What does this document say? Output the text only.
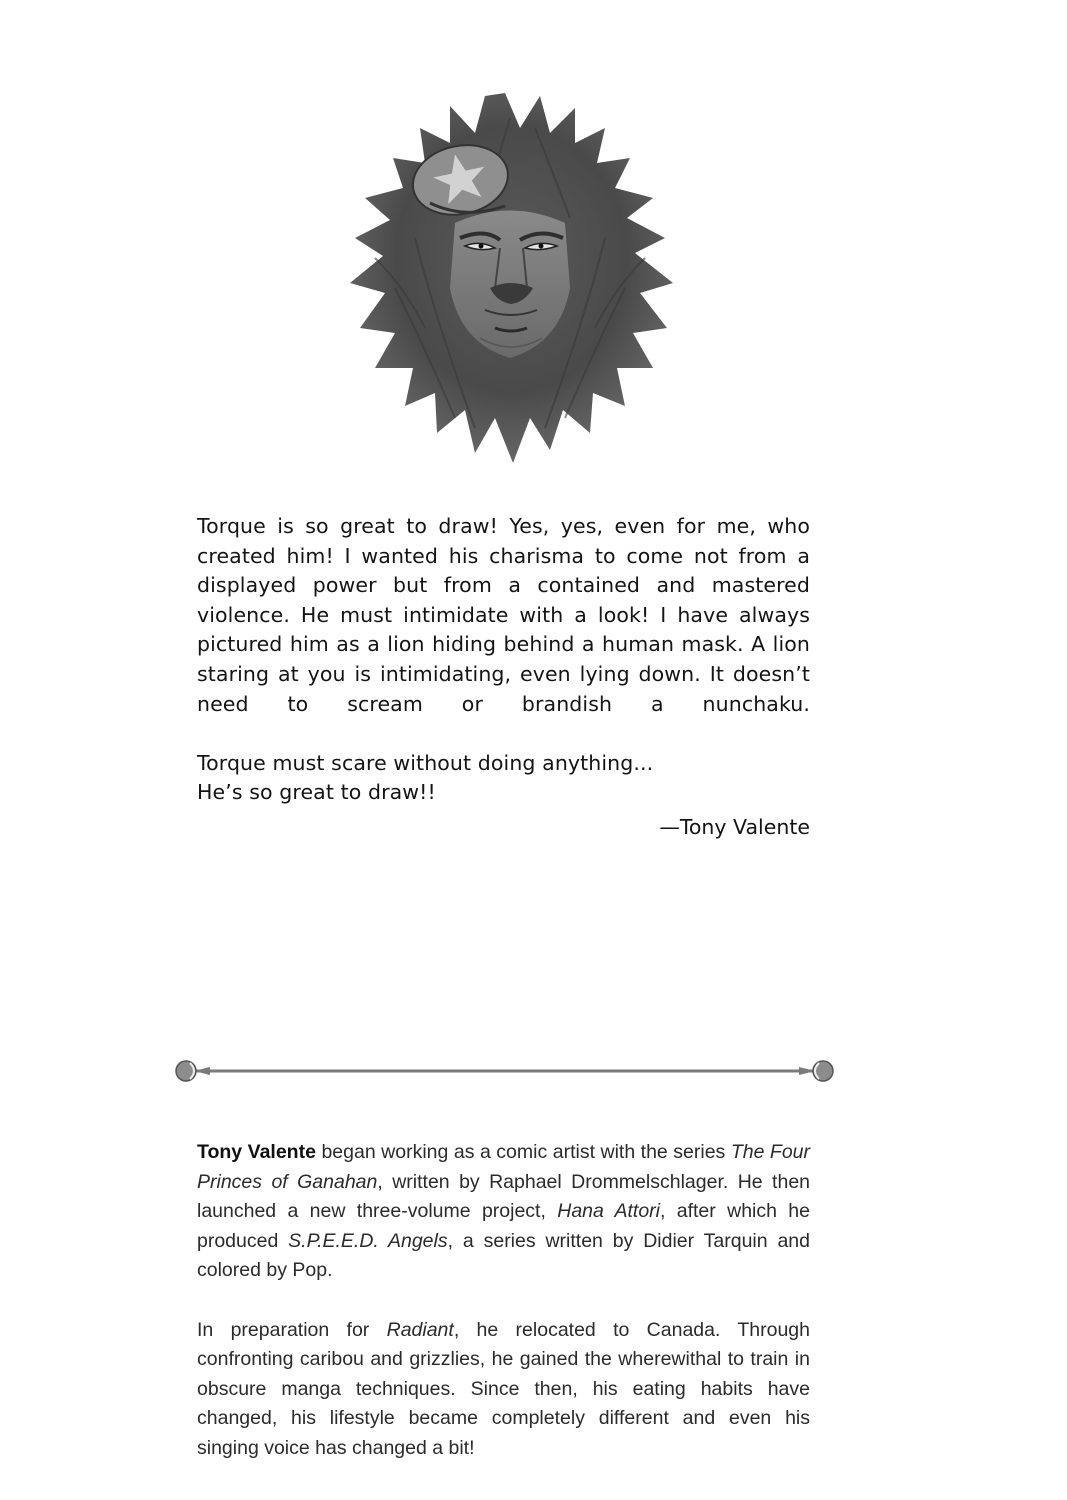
Torque is so great to draw! Yes, yes, even for me, who created him! I wanted his charisma to come not from a displayed power but from a contained and mastered violence. He must intimidate with a look! I have always pictured him as a lion hiding behind a human mask. A lion staring at you is intimidating, even lying down. It doesn’t need to scream or brandish a nunchaku.

Torque must scare without doing anything...
He’s so great to draw!!

—Tony Valente

Tony Valente began working as a comic artist with the series The Four Princes of Ganahan, written by Raphael Drommelschlager. He then launched a new three-volume project, Hana Attori, after which he produced S.P.E.E.D. Angels, a series written by Didier Tarquin and colored by Pop.

In preparation for Radiant, he relocated to Canada. Through confronting caribou and grizzlies, he gained the wherewithal to train in obscure manga techniques. Since then, his eating habits have changed, his lifestyle became completely different and even his singing voice has changed a bit!
